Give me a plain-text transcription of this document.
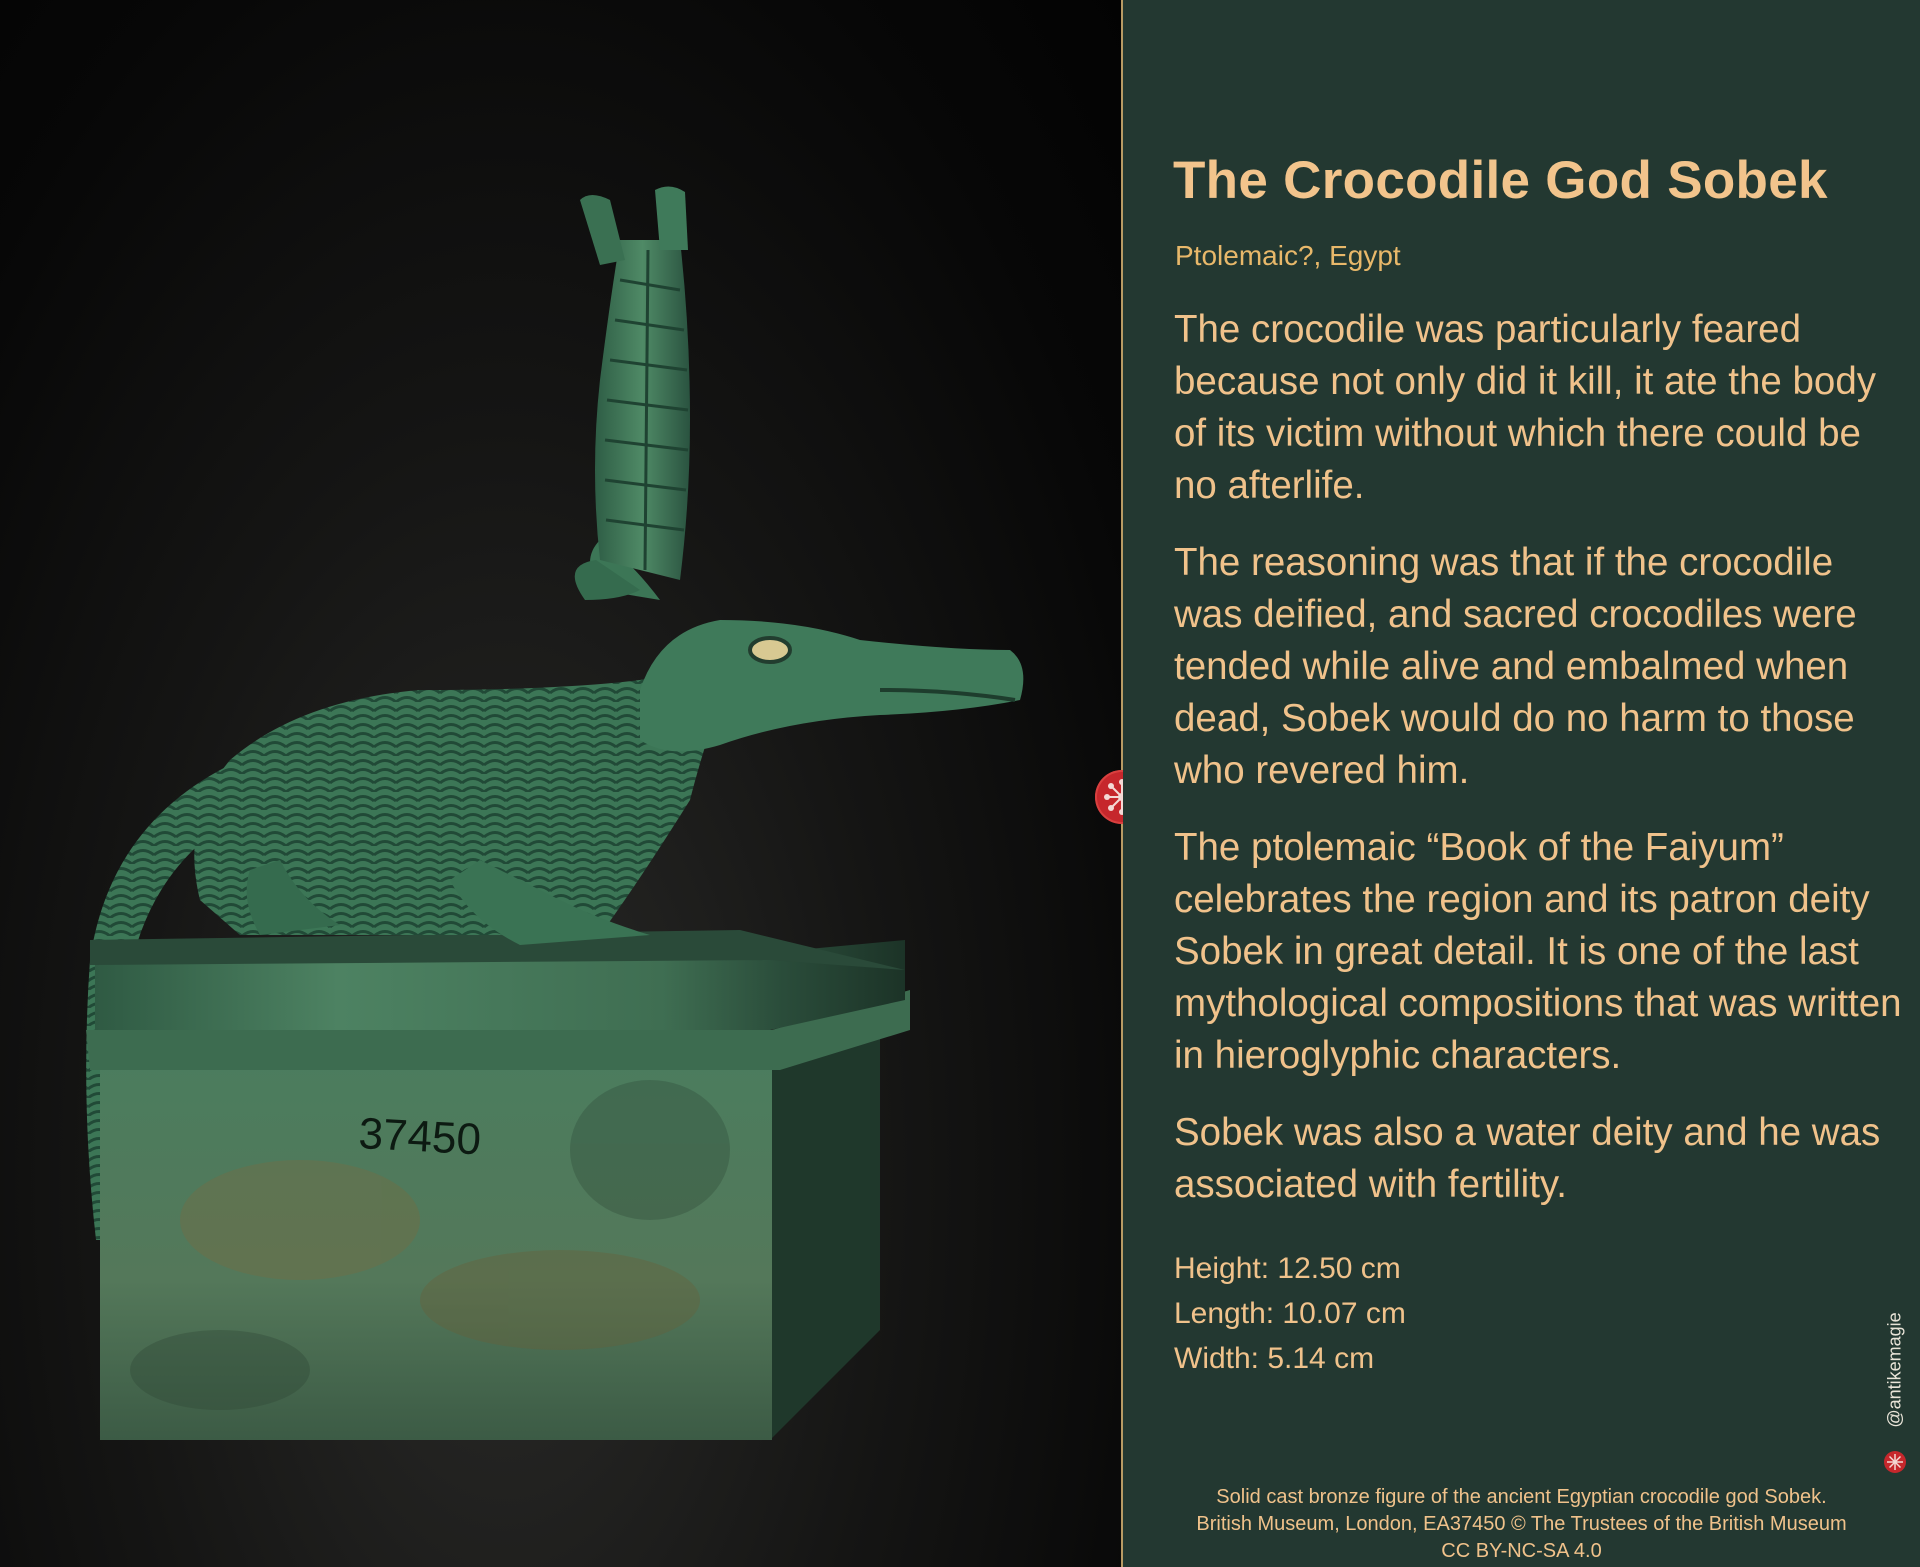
37450
The Crocodile God Sobek
Ptolemaic?, Egypt

The crocodile was particularly feared because not only did it kill, it ate the body of its victim without which there could be no afterlife.

The reasoning was that if the crocodile was deified, and sacred crocodiles were tended while alive and embalmed when dead, Sobek would do no harm to those who revered him.

The ptolemaic “Book of the Faiyum” celebrates the region and its patron deity Sobek in great detail. It is one of the last mythological compositions that was written in hieroglyphic characters.

Sobek was also a water deity and he was associated with fertility.

Height: 12.50 cm
Length: 10.07 cm
Width: 5.14 cm
Solid cast bronze figure of the ancient Egyptian crocodile god Sobek.
British Museum, London, EA37450 © The Trustees of the British Museum
CC BY-NC-SA 4.0
@antikemagie
